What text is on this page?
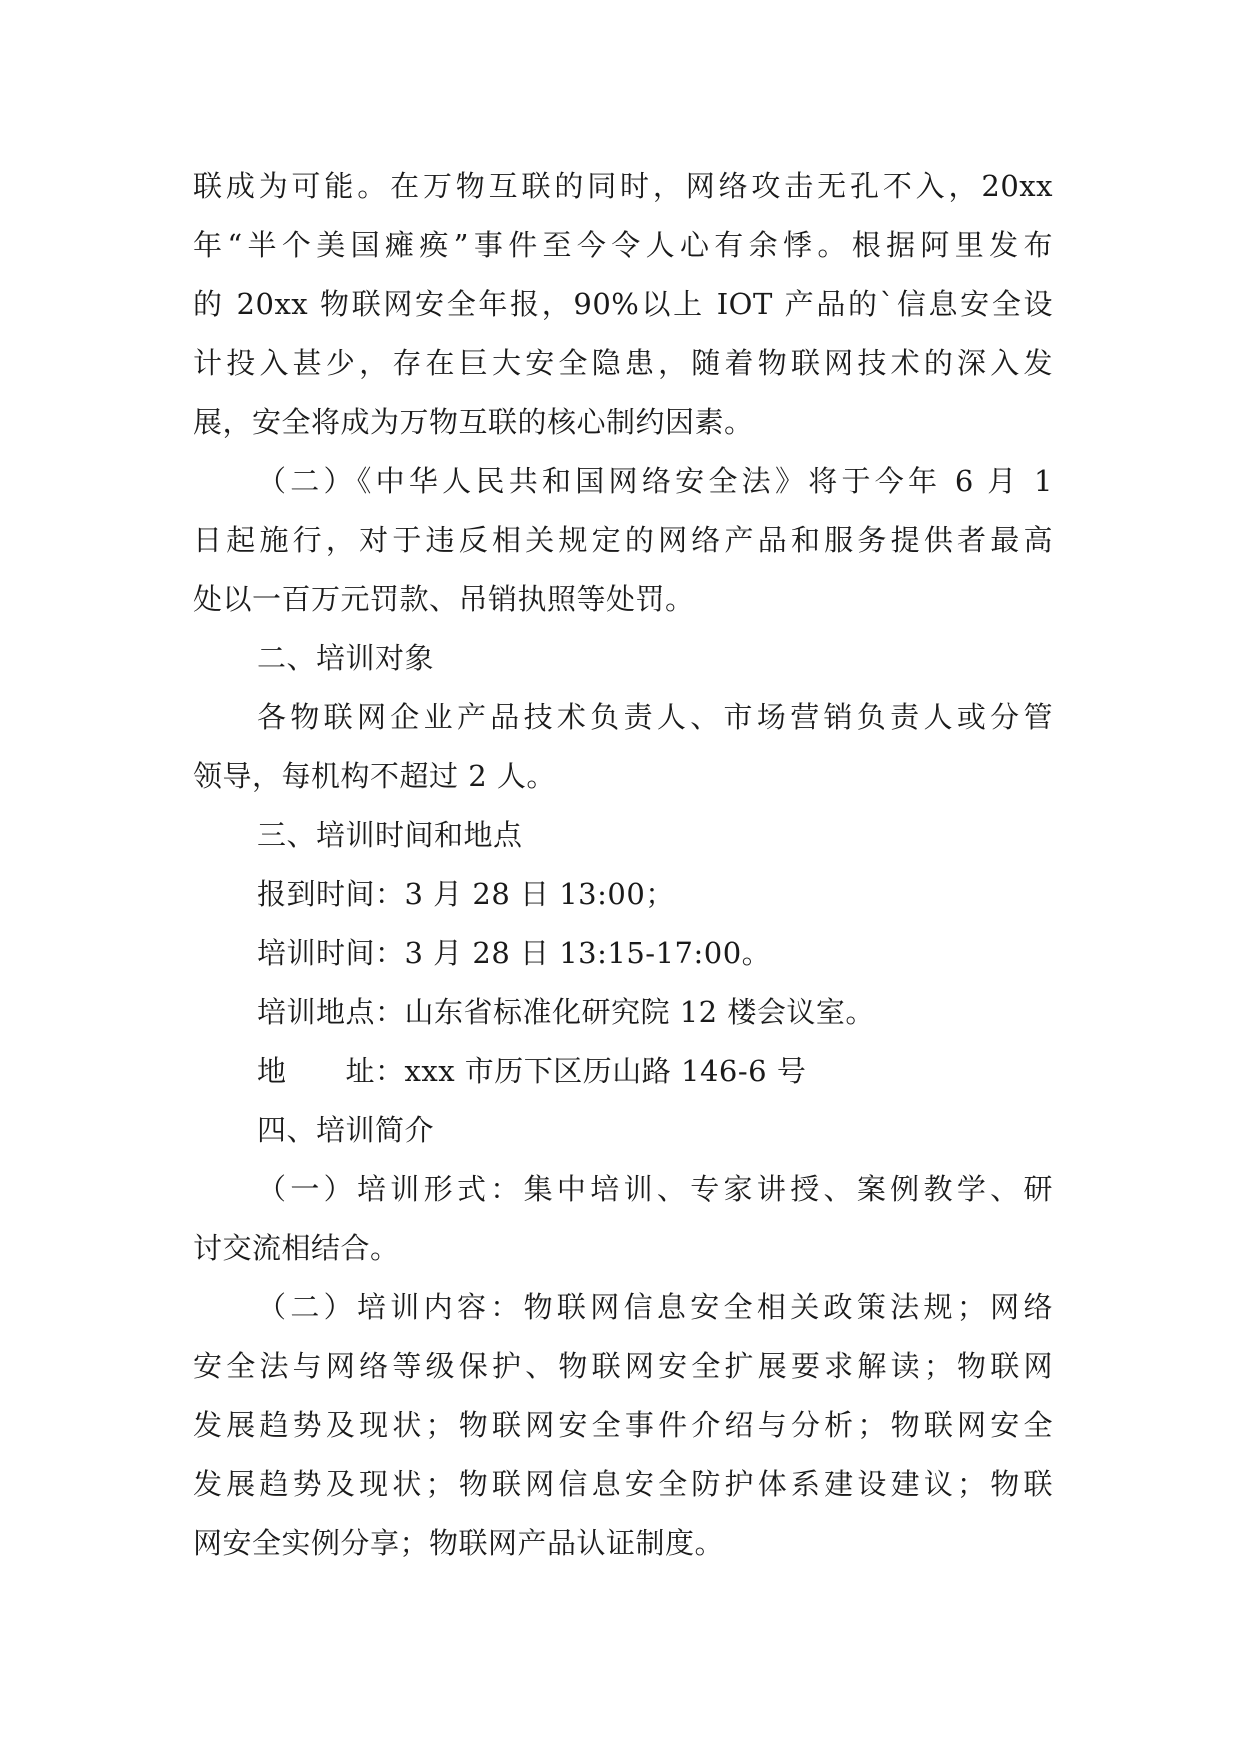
联成为可能。在万物互联的同时，网络攻击无孔不入，20xx
年“半个美国瘫痪”事件至今令人心有余悸。根据阿里发布
的 20xx 物联网安全年报，90%以上 IOT 产品的`信息安全设
计投入甚少，存在巨大安全隐患，随着物联网技术的深入发
展，安全将成为万物互联的核心制约因素。
（二）《中华人民共和国网络安全法》将于今年 6 月 1
日起施行，对于违反相关规定的网络产品和服务提供者最高
处以一百万元罚款、吊销执照等处罚。
二、培训对象
各物联网企业产品技术负责人、市场营销负责人或分管
领导，每机构不超过 2 人。
三、培训时间和地点
报到时间：3 月 28 日 13:00；
培训时间：3 月 28 日 13:15-17:00。
培训地点：山东省标准化研究院 12 楼会议室。
地　　址：xxx 市历下区历山路 146-6 号
四、培训简介
（一）培训形式：集中培训、专家讲授、案例教学、研
讨交流相结合。
（二）培训内容：物联网信息安全相关政策法规；网络
安全法与网络等级保护、物联网安全扩展要求解读；物联网
发展趋势及现状；物联网安全事件介绍与分析；物联网安全
发展趋势及现状；物联网信息安全防护体系建设建议；物联
网安全实例分享；物联网产品认证制度。
